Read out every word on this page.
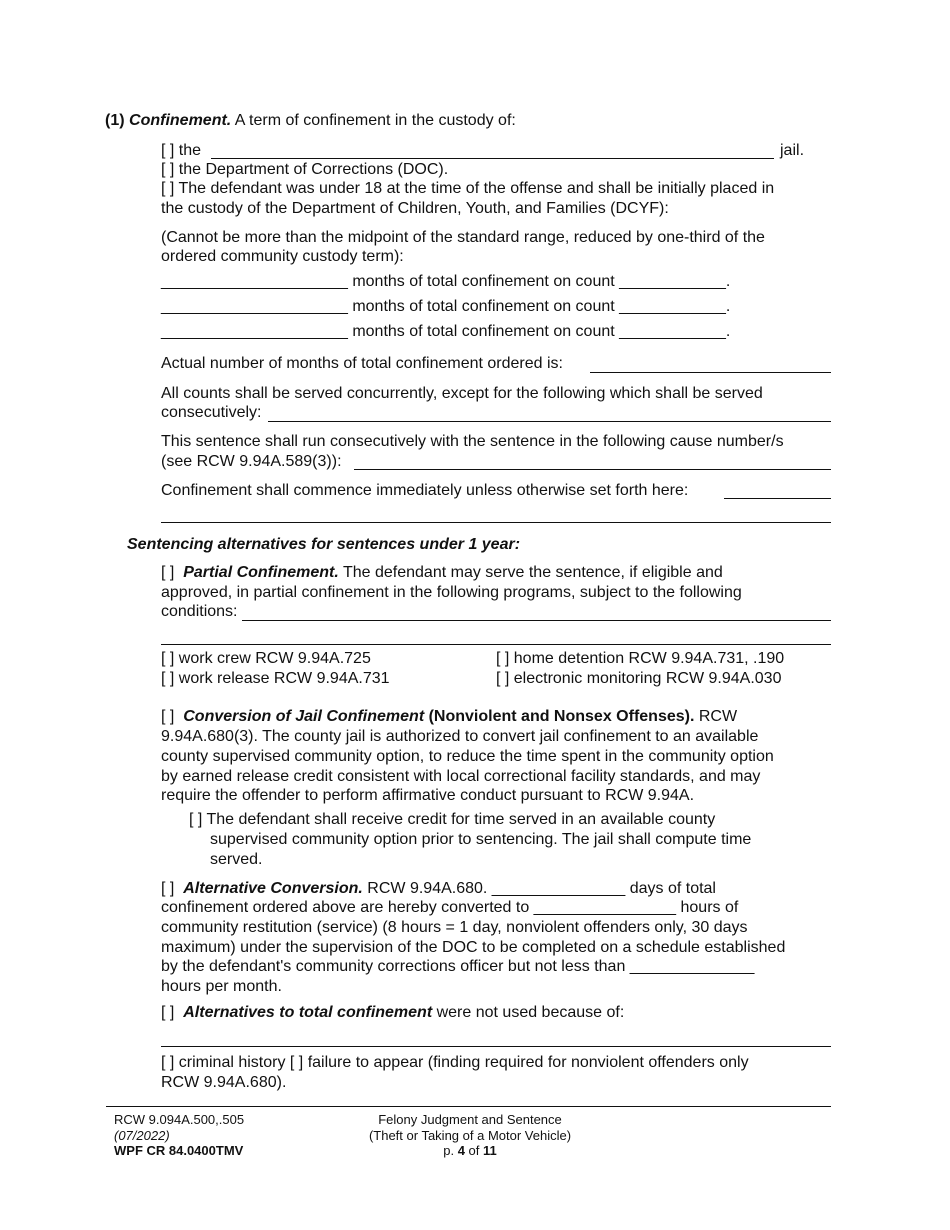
(1) Confinement. A term of confinement in the custody of:
[ ] the	jail.
[ ] the Department of Corrections (DOC).
[ ] The defendant was under 18 at the time of the offense and shall be initially placed in
the custody of the Department of Children, Youth, and Families (DCYF):
(Cannot be more than the midpoint of the standard range, reduced by one-third of the
ordered community custody term):
_____________________ months of total confinement on count ____________.
_____________________ months of total confinement on count ____________.
_____________________ months of total confinement on count ____________.
Actual number of months of total confinement ordered is:
All counts shall be served concurrently, except for the following which shall be served
consecutively:
This sentence shall run consecutively with the sentence in the following cause number/s
(see RCW 9.94A.589(3)):
Confinement shall commence immediately unless otherwise set forth here:
Sentencing alternatives for sentences under 1 year:
[ ] Partial Confinement. The defendant may serve the sentence, if eligible and
approved, in partial confinement in the following programs, subject to the following
conditions:
[ ] work crew RCW 9.94A.725
[ ] work release RCW 9.94A.731
[ ] home detention RCW 9.94A.731, .190
[ ] electronic monitoring RCW 9.94A.030
[ ] Conversion of Jail Confinement (Nonviolent and Nonsex Offenses). RCW
9.94A.680(3). The county jail is authorized to convert jail confinement to an available
county supervised community option, to reduce the time spent in the community option
by earned release credit consistent with local correctional facility standards, and may
require the offender to perform affirmative conduct pursuant to RCW 9.94A.
[ ] The defendant shall receive credit for time served in an available county
supervised community option prior to sentencing. The jail shall compute time
served.
[ ] Alternative Conversion. RCW 9.94A.680. _______________ days of total
confinement ordered above are hereby converted to ________________ hours of
community restitution (service) (8 hours = 1 day, nonviolent offenders only, 30 days
maximum) under the supervision of the DOC to be completed on a schedule established
by the defendant's community corrections officer but not less than ______________
hours per month.
[ ] Alternatives to total confinement were not used because of:
[ ] criminal history [ ] failure to appear (finding required for nonviolent offenders only
RCW 9.94A.680).
RCW 9.094A.500,.505
(07/2022)
WPF CR 84.0400TMV
Felony Judgment and Sentence
(Theft or Taking of a Motor Vehicle)
p. 4 of 11
